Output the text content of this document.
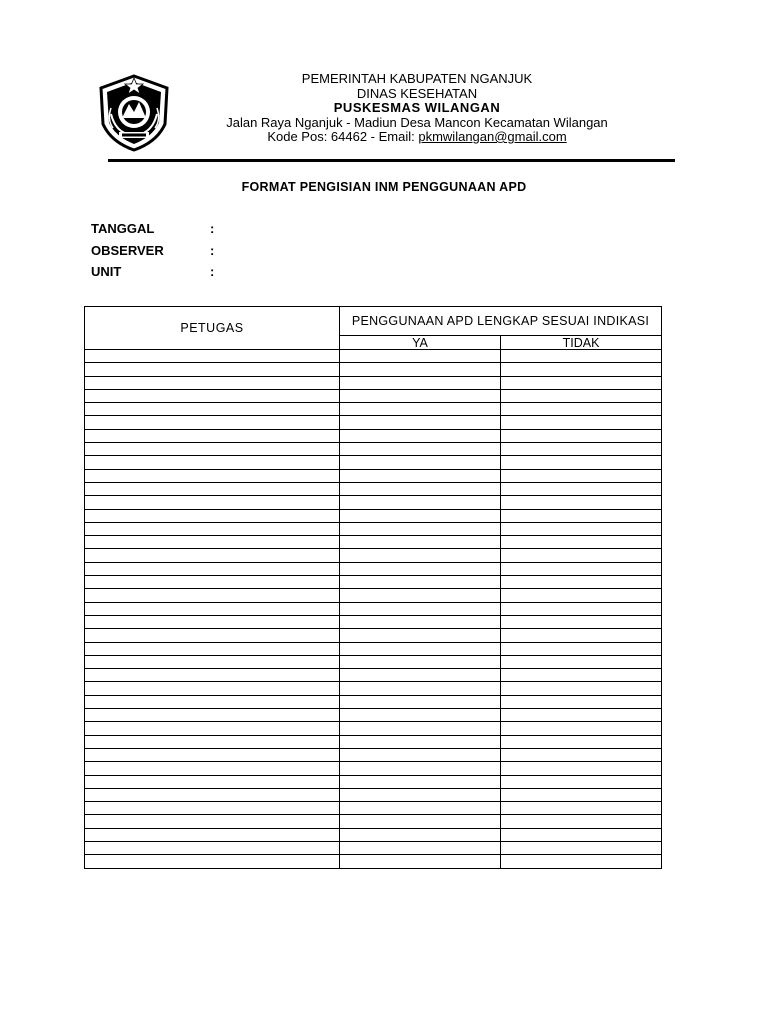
PEMERINTAH KABUPATEN NGANJUK
DINAS KESEHATAN
PUSKESMAS WILANGAN
Jalan Raya Nganjuk - Madiun Desa Mancon Kecamatan Wilangan
Kode Pos: 64462 - Email: pkmwilangan@gmail.com
FORMAT PENGISIAN INM PENGGUNAAN APD
TANGGAL	:
OBSERVER	:
UNIT	:
PETUGAS	PENGGUNAAN APD LENGKAP SESUAI INDIKASI	
	YA	TIDAK
